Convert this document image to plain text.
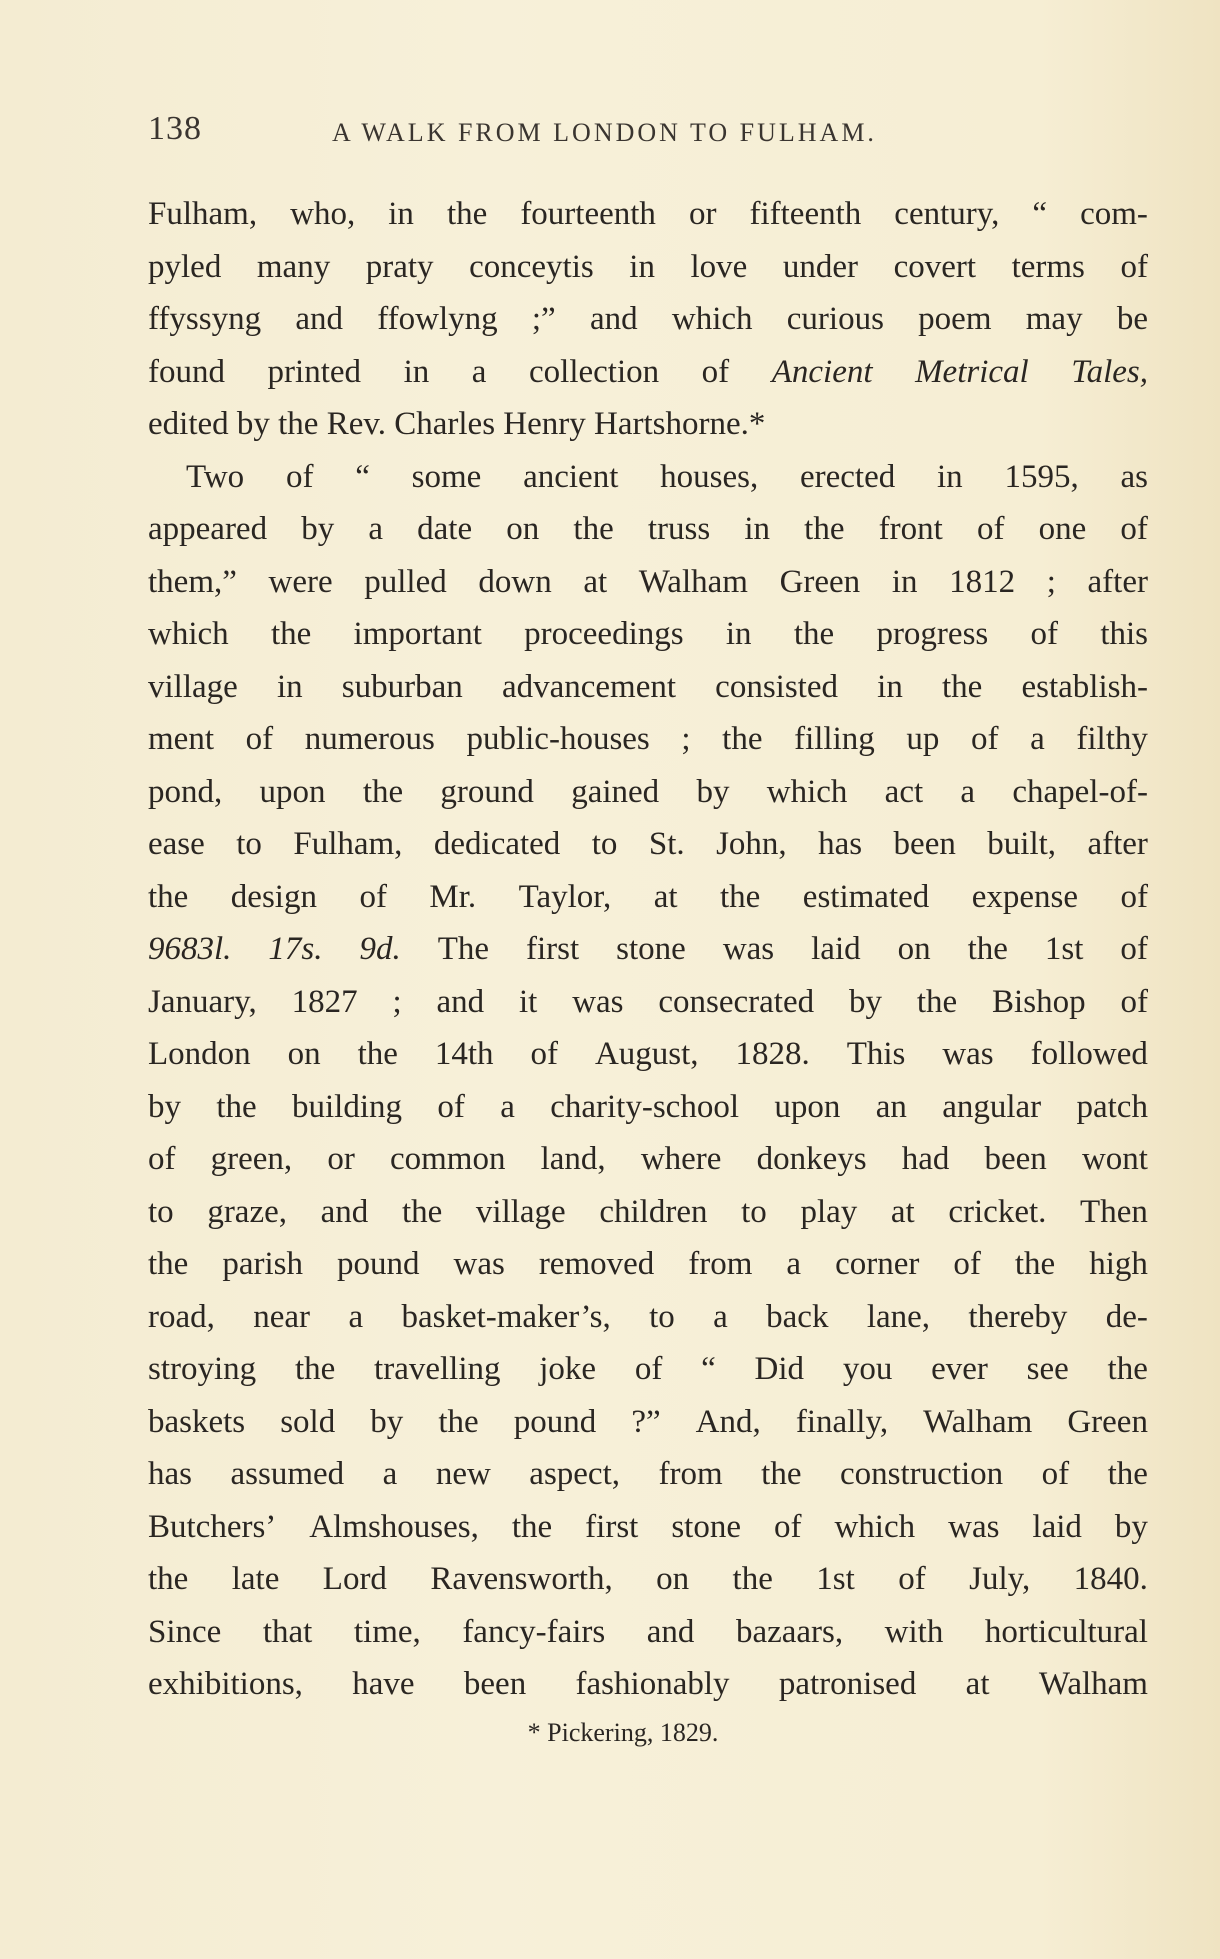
138	A WALK FROM LONDON TO FULHAM.
Fulham, who, in the fourteenth or fifteenth century, “ com-
pyled many praty conceytis in love under covert terms of
ffyssyng and ffowlyng ;” and which curious poem may be
found printed in a collection of Ancient Metrical Tales,
edited by the Rev. Charles Henry Hartshorne.*
Two of “ some ancient houses, erected in 1595, as
appeared by a date on the truss in the front of one of
them,” were pulled down at Walham Green in 1812 ; after
which the important proceedings in the progress of this
village in suburban advancement consisted in the establish-
ment of numerous public-houses ; the filling up of a filthy
pond, upon the ground gained by which act a chapel-of-
ease to Fulham, dedicated to St. John, has been built, after
the design of Mr. Taylor, at the estimated expense of
9683l. 17s. 9d. The first stone was laid on the 1st of
January, 1827 ; and it was consecrated by the Bishop of
London on the 14th of August, 1828. This was followed
by the building of a charity-school upon an angular patch
of green, or common land, where donkeys had been wont
to graze, and the village children to play at cricket. Then
the parish pound was removed from a corner of the high
road, near a basket-maker’s, to a back lane, thereby de-
stroying the travelling joke of “ Did you ever see the
baskets sold by the pound ?” And, finally, Walham Green
has assumed a new aspect, from the construction of the
Butchers’ Almshouses, the first stone of which was laid by
the late Lord Ravensworth, on the 1st of July, 1840.
Since that time, fancy-fairs and bazaars, with horticultural
exhibitions, have been fashionably patronised at Walham
* Pickering, 1829.
